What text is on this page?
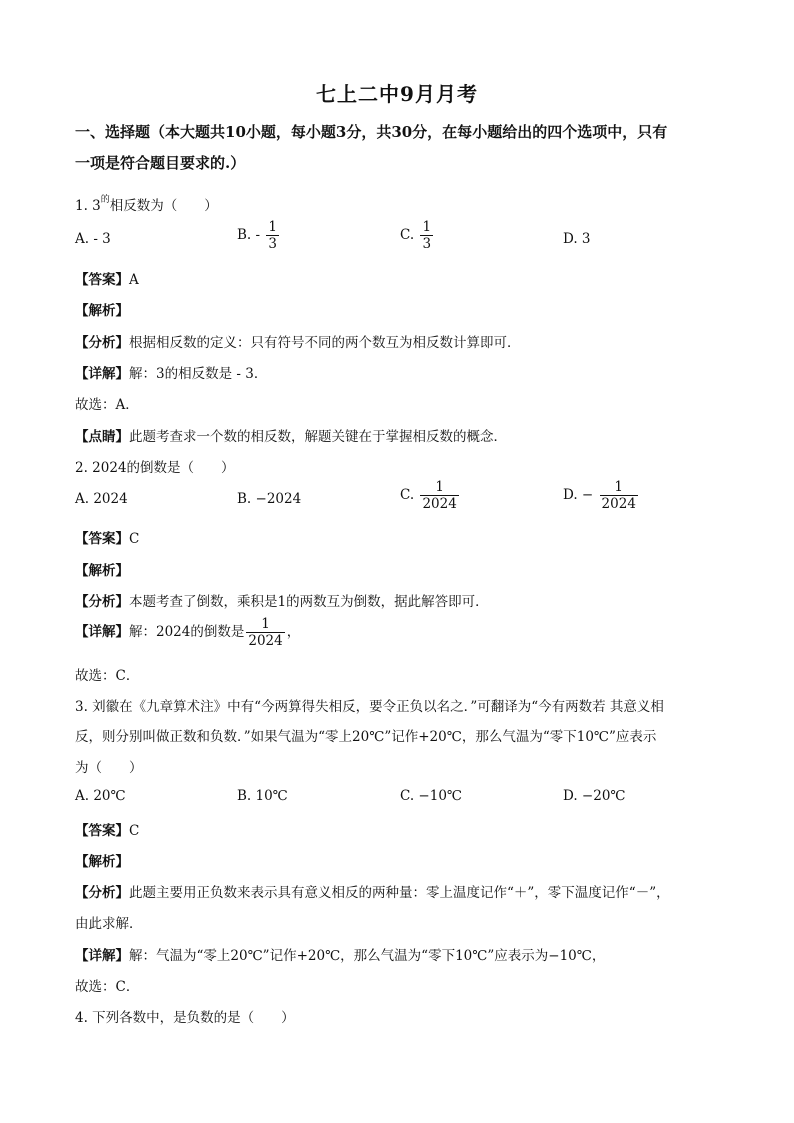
七上二中9月月考
一、选择题（本大题共10小题，每小题3分，共30分，在每小题给出的四个选项中，只有
一项是符合题目要求的.）
1. $3^的$相反数为（　　）
A. - 3	B. - $\frac{1}{3}$	C. $\frac{1}{3}$	D. 3
【答案】A
【解析】
【分析】根据相反数的定义：只有符号不同的两个数互为相反数计算即可．
【详解】解：3的相反数是 - 3．
故选：A．
【点睛】此题考查求一个数的相反数，解题关键在于掌握相反数的概念．
2. 2024的倒数是（　　）
A. 2024	B. −2024	C. $\frac{1}{2024}$	D. − $\frac{1}{2024}$
【答案】C
【解析】
【分析】本题考查了倒数，乘积是1的两数互为倒数，据此解答即可．
【详解】解：2024的倒数是 $\frac{1}{2024}$ ，
故选：C．
3. 刘徽在《九章算术注》中有“今两算得失相反，要令正负以名之．”可翻译为“今有两数若 其意义相
反，则分别叫做正数和负数．”如果气温为“零上20℃”记作+20℃，那么气温为“零下10℃”应表示
为（　　）
A. 20℃	B. 10℃	C. −10℃	D. −20℃
【答案】C
【解析】
【分析】此题主要用正负数来表示具有意义相反的两种量：零上温度记作“＋”，零下温度记作“－”，
由此求解．
【详解】解：气温为“零上20℃”记作+20℃，那么气温为“零下10℃”应表示为−10℃，
故选：C．
4. 下列各数中，是负数的是（　　）
